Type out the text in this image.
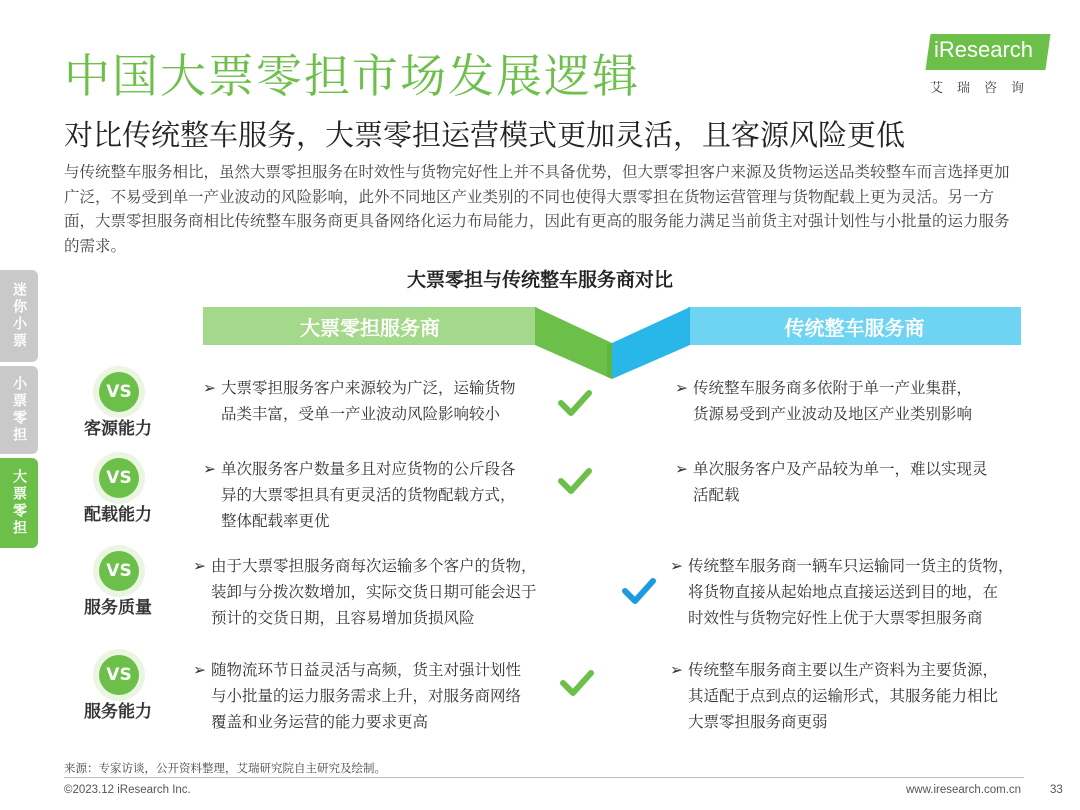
中国大票零担市场发展逻辑
对比传统整车服务，大票零担运营模式更加灵活，且客源风险更低
与传统整车服务相比，虽然大票零担服务在时效性与货物完好性上并不具备优势，但大票零担客户来源及货物运送品类较整车而言选择更加广泛，不易受到单一产业波动的风险影响，此外不同地区产业类别的不同也使得大票零担在货物运营管理与货物配载上更为灵活。另一方面，大票零担服务商相比传统整车服务商更具备网络化运力布局能力，因此有更高的服务能力满足当前货主对强计划性与小批量的运力服务的需求。
iResearch
艾瑞咨询
迷你小票
小票零担
大票零担
大票零担与传统整车服务商对比
大票零担服务商	传统整车服务商
VS
客源能力
➢ 大票零担服务客户来源较为广泛，运输货物
品类丰富，受单一产业波动风险影响较小
➢ 传统整车服务商多依附于单一产业集群，
货源易受到产业波动及地区产业类别影响
VS
配载能力
➢ 单次服务客户数量多且对应货物的公斤段各
异的大票零担具有更灵活的货物配载方式，
整体配载率更优
➢ 单次服务客户及产品较为单一，难以实现灵
活配载
VS
服务质量
➢ 由于大票零担服务商每次运输多个客户的货物，
装卸与分拨次数增加，实际交货日期可能会迟于
预计的交货日期，且容易增加货损风险
➢ 传统整车服务商一辆车只运输同一货主的货物，
将货物直接从起始地点直接运送到目的地，在
时效性与货物完好性上优于大票零担服务商
VS
服务能力
➢ 随物流环节日益灵活与高频，货主对强计划性
与小批量的运力服务需求上升，对服务商网络
覆盖和业务运营的能力要求更高
➢ 传统整车服务商主要以生产资料为主要货源，
其适配于点到点的运输形式，其服务能力相比
大票零担服务商更弱
来源：专家访谈，公开资料整理，艾瑞研究院自主研究及绘制。
©2023.12 iResearch Inc.	www.iresearch.com.cn	33
